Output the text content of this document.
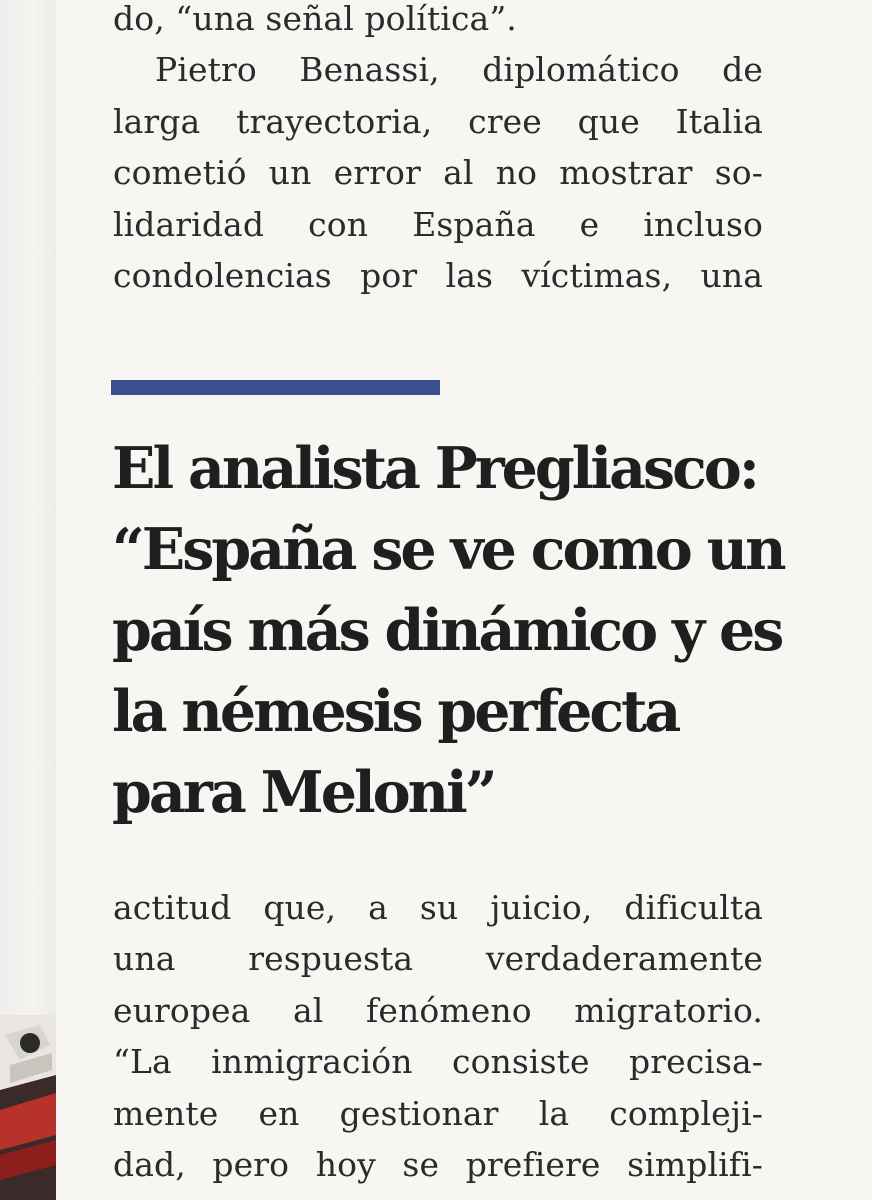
do, “una señal política”.
Pietro Benassi, diplomático de
larga trayectoria, cree que Italia
cometió un error al no mostrar so-
lidaridad con España e incluso
condolencias por las víctimas, una
actitud que, a su juicio, dificulta
una respuesta verdaderamente
europea al fenómeno migratorio.
“La inmigración consiste precisa-
mente en gestionar la compleji-
dad, pero hoy se prefiere simplifi-
El analista Pregliasco:
“España se ve como un
país más dinámico y es
la némesis perfecta
para Meloni”
